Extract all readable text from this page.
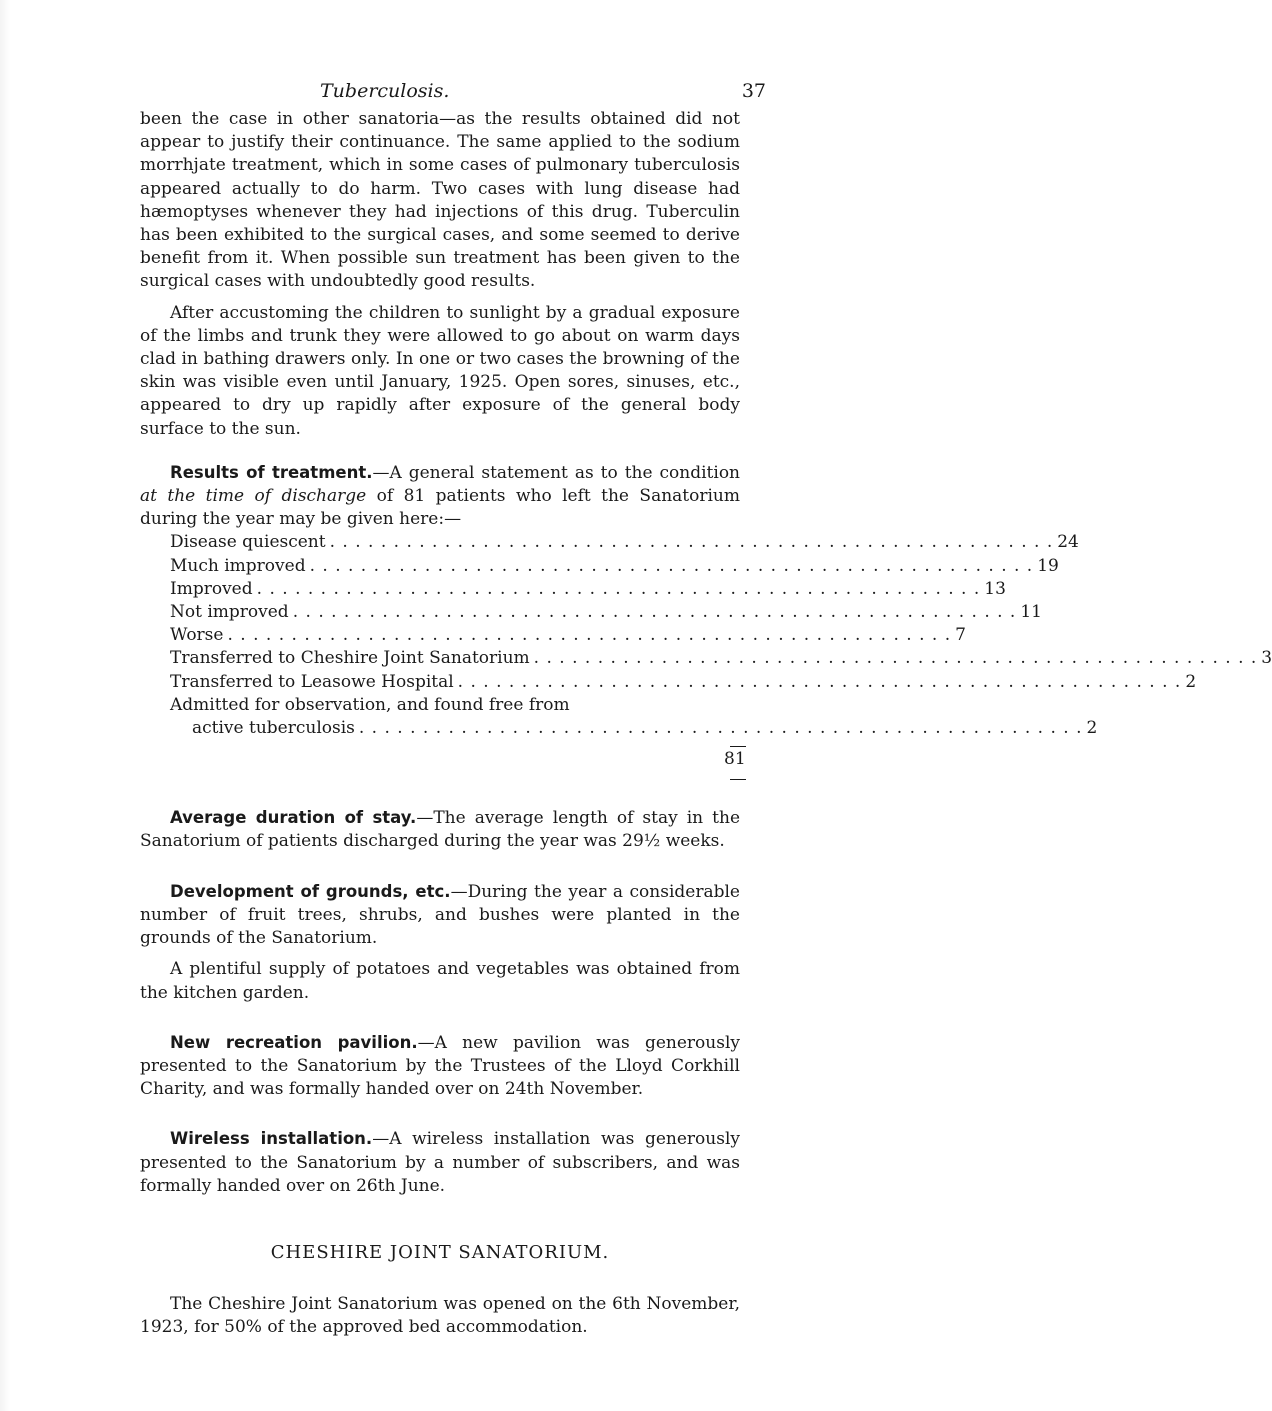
Tuberculosis.	37

been the case in other sanatoria—as the results obtained did not appear to justify their continuance. The same applied to the sodium morrhjate treatment, which in some cases of pulmonary tuberculosis appeared actually to do harm. Two cases with lung disease had hæmoptyses whenever they had injections of this drug. Tuberculin has been exhibited to the surgical cases, and some seemed to derive benefit from it. When possible sun treatment has been given to the surgical cases with undoubtedly good results.

After accustoming the children to sunlight by a gradual exposure of the limbs and trunk they were allowed to go about on warm days clad in bathing drawers only. In one or two cases the browning of the skin was visible even until January, 1925. Open sores, sinuses, etc., appeared to dry up rapidly after exposure of the general body surface to the sun.

Results of treatment.—A general statement as to the condition at the time of discharge of 81 patients who left the Sanatorium during the year may be given here:—

Disease quiescent . . . . . . . . . . . . . . . . . . . . . . . . . . . . . . . . . . . . . . . . . . . . . . . . . . . . . . . . . 24
Much improved . . . . . . . . . . . . . . . . . . . . . . . . . . . . . . . . . . . . . . . . . . . . . . . . . . . . . . . . . 19
Improved . . . . . . . . . . . . . . . . . . . . . . . . . . . . . . . . . . . . . . . . . . . . . . . . . . . . . . . . . 13
Not improved . . . . . . . . . . . . . . . . . . . . . . . . . . . . . . . . . . . . . . . . . . . . . . . . . . . . . . . . . 11
Worse . . . . . . . . . . . . . . . . . . . . . . . . . . . . . . . . . . . . . . . . . . . . . . . . . . . . . . . . . 7
Transferred to Cheshire Joint Sanatorium . . . . . . . . . . . . . . . . . . . . . . . . . . . . . . . . . . . . . . . . . . . . . . . . . . . . . . . . . 3
Transferred to Leasowe Hospital . . . . . . . . . . . . . . . . . . . . . . . . . . . . . . . . . . . . . . . . . . . . . . . . . . . . . . . . . 2
Admitted for observation, and found free from
active tuberculosis . . . . . . . . . . . . . . . . . . . . . . . . . . . . . . . . . . . . . . . . . . . . . . . . . . . . . . . . . 2
81

Average duration of stay.—The average length of stay in the Sanatorium of patients discharged during the year was 29½ weeks.

Development of grounds, etc.—During the year a considerable number of fruit trees, shrubs, and bushes were planted in the grounds of the Sanatorium.

A plentiful supply of potatoes and vegetables was obtained from the kitchen garden.

New recreation pavilion.—A new pavilion was generously presented to the Sanatorium by the Trustees of the Lloyd Corkhill Charity, and was formally handed over on 24th November.

Wireless installation.—A wireless installation was generously presented to the Sanatorium by a number of subscribers, and was formally handed over on 26th June.

CHESHIRE JOINT SANATORIUM.

The Cheshire Joint Sanatorium was opened on the 6th November, 1923, for 50% of the approved bed accommodation.
